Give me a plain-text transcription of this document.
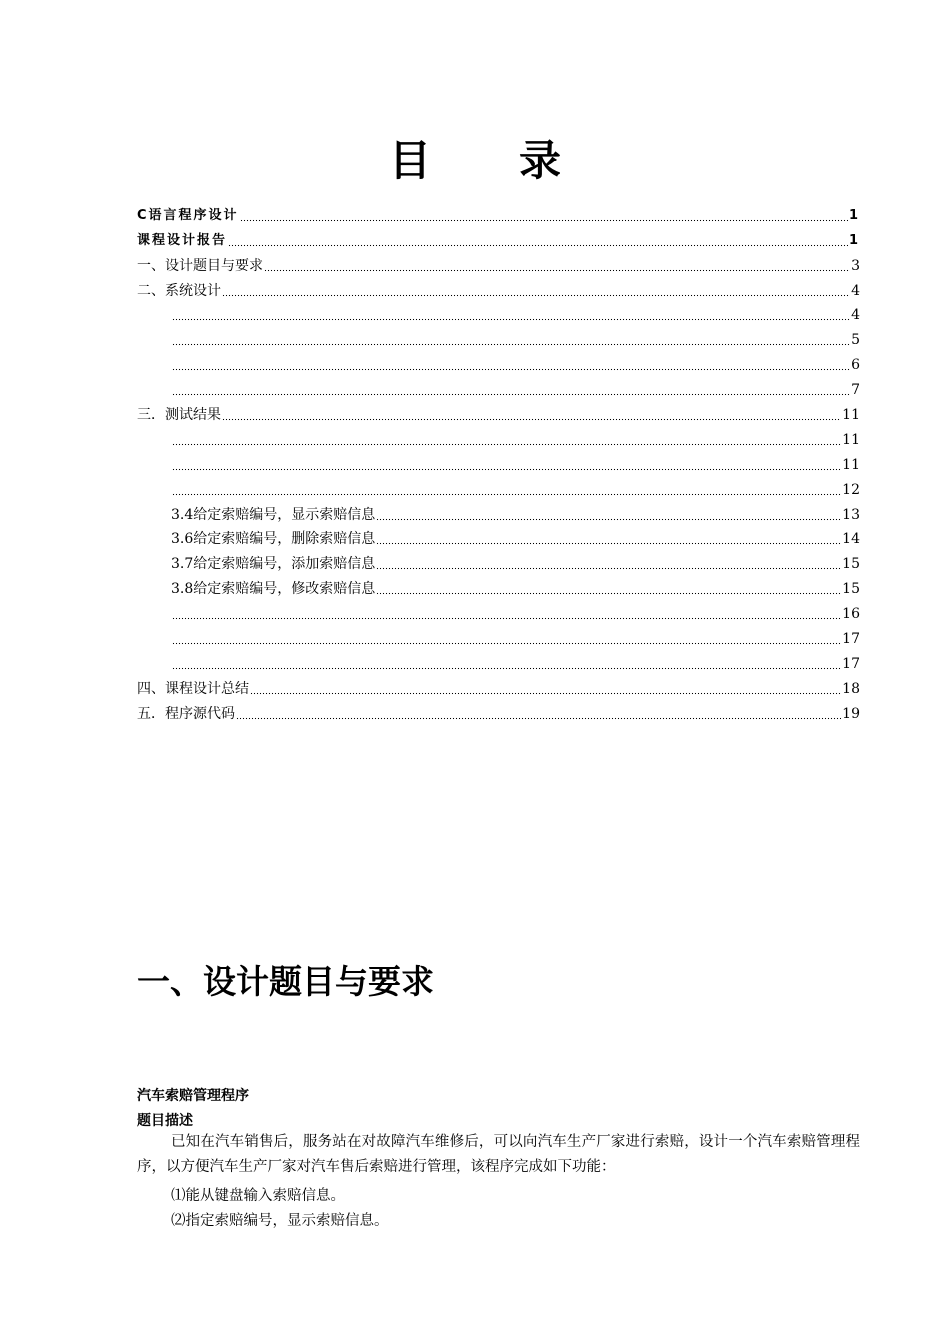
目 录
C语言程序设计	1
课程设计报告	1
一、设计题目与要求	3
二、系统设计	4
4
5
6
7
三．测试结果	11
11
11
12
3.4给定索赔编号，显示索赔信息	13
3.6给定索赔编号，删除索赔信息	14
3.7给定索赔编号，添加索赔信息	15
3.8给定索赔编号，修改索赔信息	15
16
17
17
四、课程设计总结	18
五．程序源代码	19
一、设计题目与要求
汽车索赔管理程序
题目描述
已知在汽车销售后，服务站在对故障汽车维修后，可以向汽车生产厂家进行索赔，设计一个汽车索赔管理程序，以方便汽车生产厂家对汽车售后索赔进行管理，该程序完成如下功能：
⑴能从键盘输入索赔信息。
⑵指定索赔编号，显示索赔信息。
